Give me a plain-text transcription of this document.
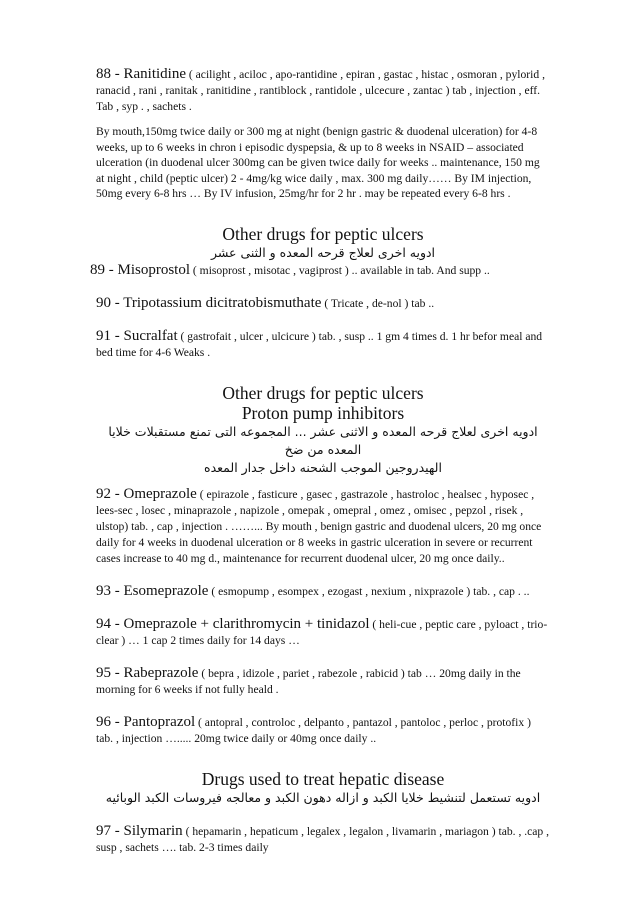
88 - Ranitidine ( acilight , aciloc , apo-rantidine , epiran , gastac , histac , osmoran , pylorid , ranacid , rani , ranitak , ranitidine , rantiblock , rantidole , ulcecure , zantac ) tab , injection , eff. Tab , syp . , sachets .

By mouth,150mg twice daily or 300 mg at night (benign gastric & duodenal ulceration) for 4-8 weeks, up to 6 weeks in chron i episodic dyspepsia, & up to 8 weeks in NSAID – associated ulceration (in duodenal ulcer 300mg can be given twice daily for weeks .. maintenance, 150 mg at night , child (peptic ulcer) 2 - 4mg/kg wice daily , max. 300 mg daily…… By IM injection, 50mg every 6-8 hrs … By IV infusion, 25mg/hr for 2 hr . may be repeated every 6-8 hrs .

Other drugs for peptic ulcers

ادويه اخرى لعلاج قرحه المعده و الثنى عشر

89 - Misoprostol ( misoprost , misotac , vagiprost ) .. available in tab. And supp ..

90 - Tripotassium dicitratobismuthate ( Tricate , de-nol ) tab ..

91 - Sucralfat ( gastrofait , ulcer , ulcicure ) tab. , susp .. 1 gm 4 times d. 1 hr befor meal and bed time for 4-6 Weaks .

Other drugs for peptic ulcers

Proton pump inhibitors

ادويه اخرى لعلاج قرحه المعده و الاثنى عشر ... المجموعه التى تمنع مستقبلات خلايا المعده من ضخ

الهيدروجين الموجب الشحنه داخل جدار المعده

92 - Omeprazole ( epirazole , fasticure , gasec , gastrazole , hastroloc , healsec , hyposec , lees-sec , losec , minaprazole , napizole , omepak , omepral , omez , omisec , pepzol , risek , ulstop) tab. , cap , injection . ……... By mouth , benign gastric and duodenal ulcers, 20 mg once daily for 4 weeks in duodenal ulceration or 8 weeks in gastric ulceration in severe or recurrent cases increase to 40 mg d., maintenance for recurrent duodenal ulcer, 20 mg once daily..

93 - Esomeprazole ( esmopump , esompex , ezogast , nexium , nixprazole ) tab. , cap . ..

94 - Omeprazole + clarithromycin + tinidazol ( heli-cue , peptic care , pyloact , trio-clear ) … 1 cap 2 times daily for 14 days …

95 - Rabeprazole ( bepra , idizole , pariet , rabezole , rabicid ) tab … 20mg daily in the morning for 6 weeks if not fully heald .

96 - Pantoprazol ( antopral , controloc , delpanto , pantazol , pantoloc , perloc , protofix ) tab. , injection …..... 20mg twice daily or 40mg once daily ..

Drugs used to treat hepatic disease

ادويه تستعمل لتنشيط خلايا الكبد و ازاله دهون الكبد و معالجه فيروسات الكبد الوبائيه

97 - Silymarin ( hepamarin , hepaticum , legalex , legalon , livamarin , mariagon ) tab. , .cap , susp , sachets …. tab. 2-3 times daily
